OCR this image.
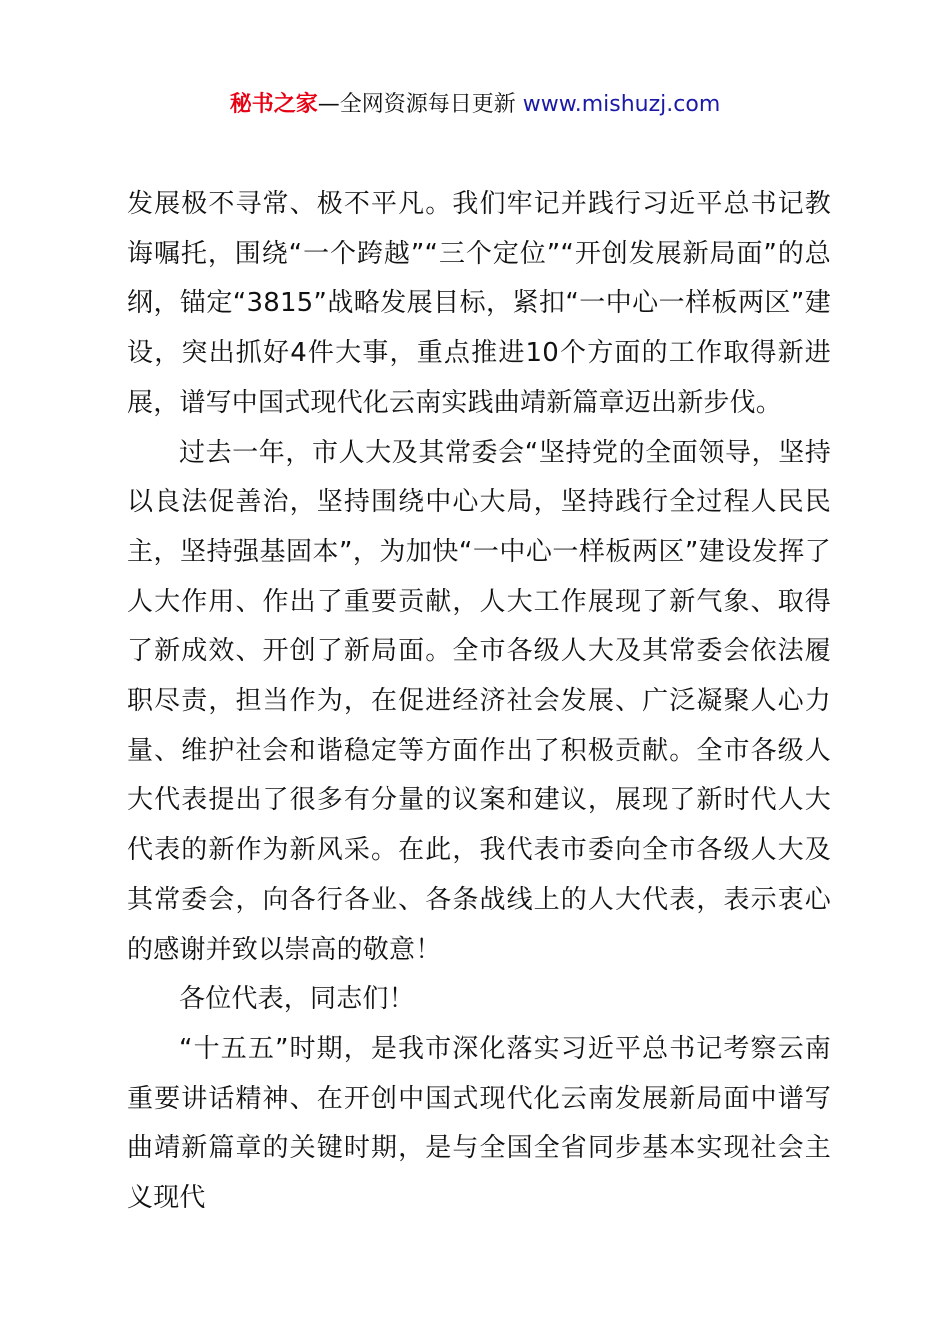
秘书之家—全网资源每日更新 www.mishuzj.com

发展极不寻常、极不平凡。我们牢记并践行习近平总书记教诲嘱托，围绕“一个跨越”“三个定位”“开创发展新局面”的总纲，锚定“3815”战略发展目标，紧扣“一中心一样板两区”建设，突出抓好4件大事，重点推进10个方面的工作取得新进展，谱写中国式现代化云南实践曲靖新篇章迈出新步伐。

过去一年，市人大及其常委会“坚持党的全面领导，坚持以良法促善治，坚持围绕中心大局，坚持践行全过程人民民主，坚持强基固本”，为加快“一中心一样板两区”建设发挥了人大作用、作出了重要贡献，人大工作展现了新气象、取得了新成效、开创了新局面。全市各级人大及其常委会依法履职尽责，担当作为，在促进经济社会发展、广泛凝聚人心力量、维护社会和谐稳定等方面作出了积极贡献。全市各级人大代表提出了很多有分量的议案和建议，展现了新时代人大代表的新作为新风采。在此，我代表市委向全市各级人大及其常委会，向各行各业、各条战线上的人大代表，表示衷心的感谢并致以崇高的敬意！

各位代表，同志们！

“十五五”时期，是我市深化落实习近平总书记考察云南重要讲话精神、在开创中国式现代化云南发展新局面中谱写曲靖新篇章的关键时期，是与全国全省同步基本实现社会主义现代
